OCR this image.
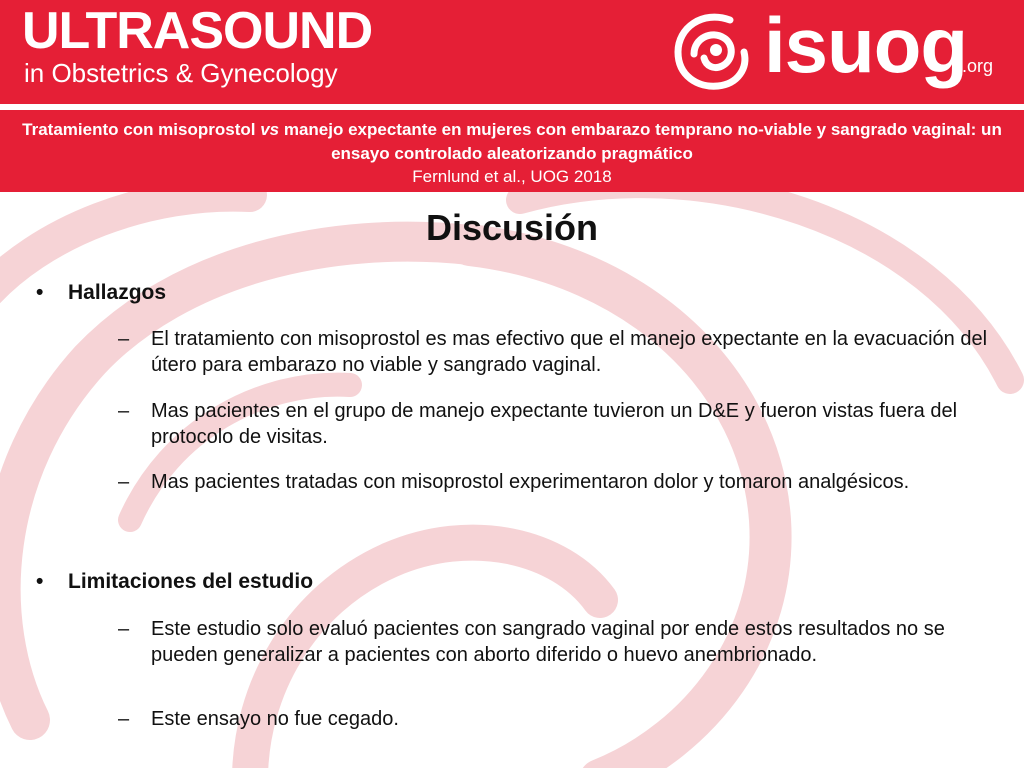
ULTRASOUND
in Obstetrics & Gynecology	isuog
.org
Tratamiento con misoprostol vs manejo expectante en mujeres con embarazo temprano no-viable y sangrado vaginal: un ensayo controlado aleatorizando pragmático
Fernlund et al., UOG 2018
Discusión
• Hallazgos
– El tratamiento con misoprostol es mas efectivo que el manejo expectante en la evacuación del útero para embarazo no viable y sangrado vaginal.
– Mas pacientes en el grupo de manejo expectante tuvieron un D&E y fueron vistas fuera del protocolo de visitas.
– Mas pacientes tratadas con misoprostol experimentaron dolor y tomaron analgésicos.
• Limitaciones del estudio
– Este estudio solo evaluó pacientes con sangrado vaginal por ende estos resultados no se pueden generalizar a pacientes con aborto diferido o huevo anembrionado.
– Este ensayo no fue cegado.
